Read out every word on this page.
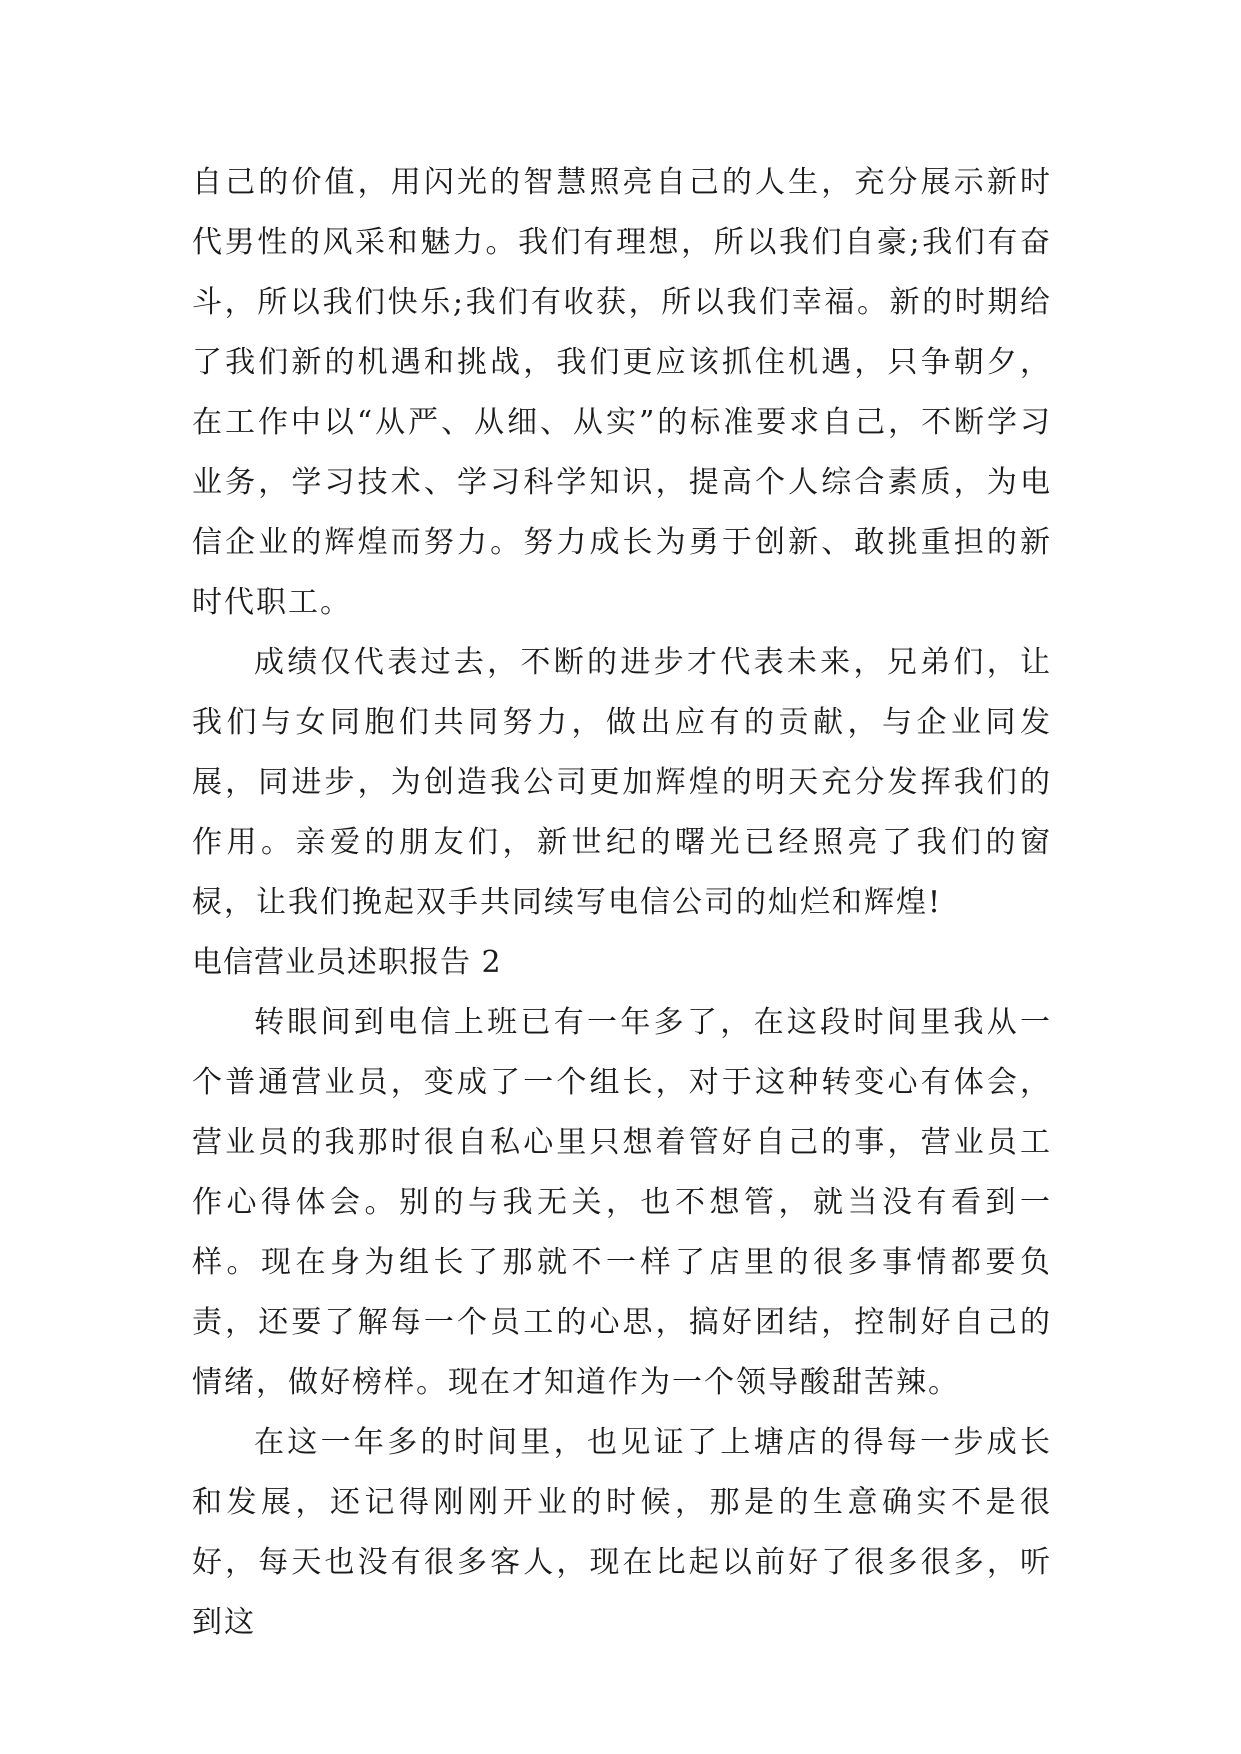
自己的价值，用闪光的智慧照亮自己的人生，充分展示新时代男性的风采和魅力。我们有理想，所以我们自豪;我们有奋斗，所以我们快乐;我们有收获，所以我们幸福。新的时期给了我们新的机遇和挑战，我们更应该抓住机遇，只争朝夕，在工作中以“从严、从细、从实”的标准要求自己，不断学习业务，学习技术、学习科学知识，提高个人综合素质，为电信企业的辉煌而努力。努力成长为勇于创新、敢挑重担的新时代职工。

成绩仅代表过去，不断的进步才代表未来，兄弟们，让我们与女同胞们共同努力，做出应有的贡献，与企业同发展，同进步，为创造我公司更加辉煌的明天充分发挥我们的作用。亲爱的朋友们，新世纪的曙光已经照亮了我们的窗棂，让我们挽起双手共同续写电信公司的灿烂和辉煌!

电信营业员述职报告 2

转眼间到电信上班已有一年多了，在这段时间里我从一个普通营业员，变成了一个组长，对于这种转变心有体会，营业员的我那时很自私心里只想着管好自己的事，营业员工作心得体会。别的与我无关，也不想管，就当没有看到一样。现在身为组长了那就不一样了店里的很多事情都要负责，还要了解每一个员工的心思，搞好团结，控制好自己的情绪，做好榜样。现在才知道作为一个领导酸甜苦辣。

在这一年多的时间里，也见证了上塘店的得每一步成长和发展，还记得刚刚开业的时候，那是的生意确实不是很好，每天也没有很多客人，现在比起以前好了很多很多，听到这
